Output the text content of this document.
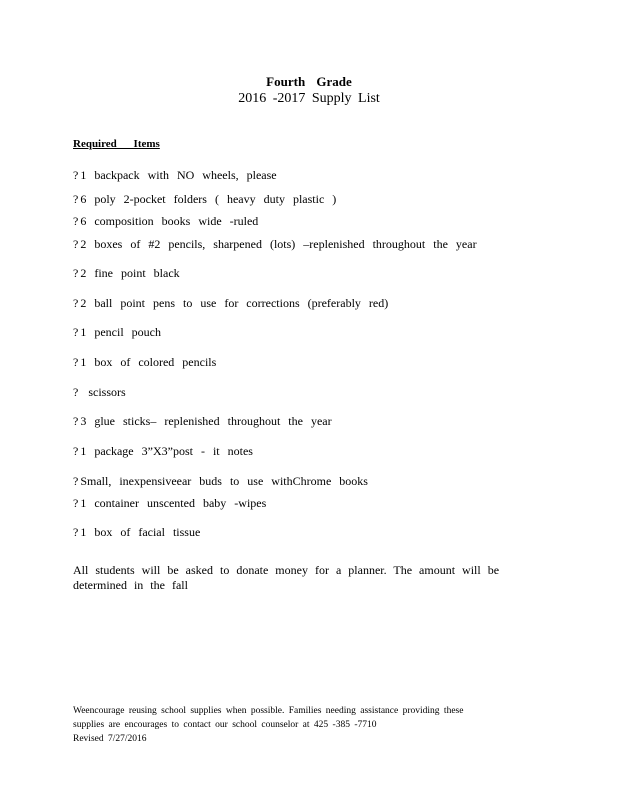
Fourth Grade
2016 -2017 Supply List
Required Items
? 1 backpack with NO wheels, please
? 6 poly 2-pocket folders ( heavy duty plastic )
? 6 composition books wide -ruled
? 2 boxes of #2 pencils, sharpened (lots) –replenished throughout the year
? 2 fine point black
? 2 ball point pens to use for corrections (preferably red)
? 1 pencil pouch
? 1 box of colored pencils
? scissors
? 3 glue sticks– replenished throughout the year
? 1 package 3”X3”post - it notes
? Small, inexpensiveear buds to use withChrome books
? 1 container unscented baby -wipes
? 1 box of facial tissue
All students will be asked to donate money for a planner. The amount will be determined in the fall
Weencourage reusing school supplies when possible. Families needing assistance providing these
supplies are encourages to contact our school counselor at 425 -385 -7710
Revised 7/27/2016
